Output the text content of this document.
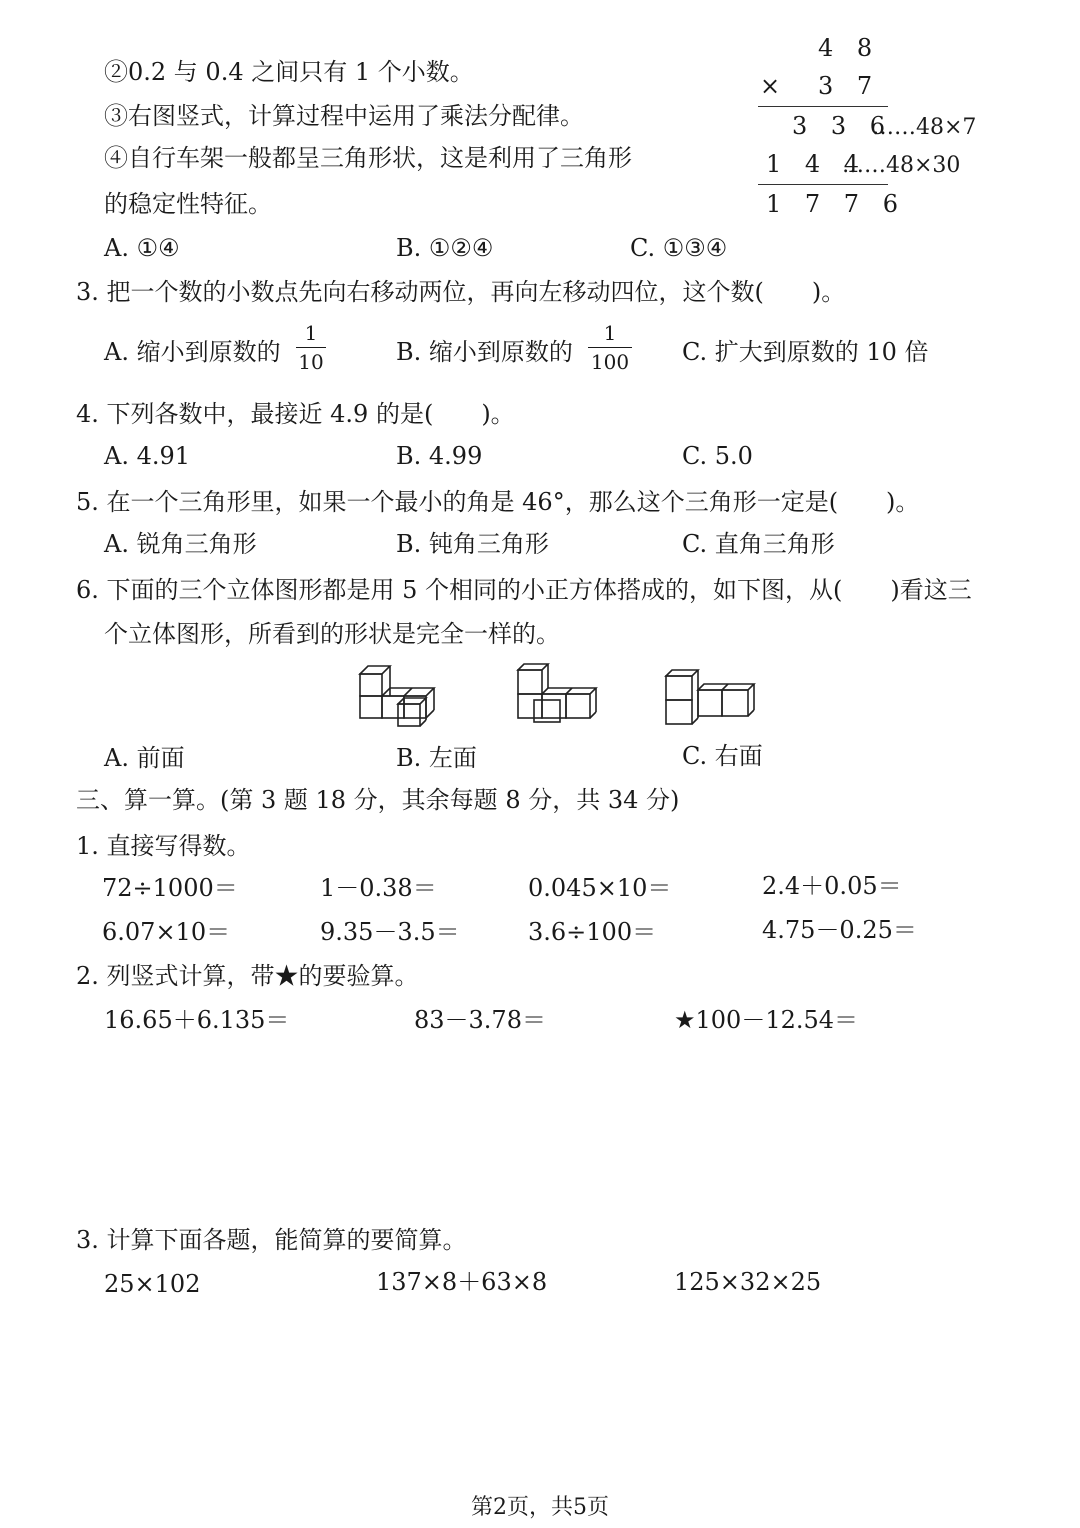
②0.2 与 0.4 之间只有 1 个小数。
③右图竖式，计算过程中运用了乘法分配律。
④自行车架一般都呈三角形状，这是利用了三角形
的稳定性特征。
A. ①④	B. ①②④	C. ①③④
4 8
× 3 7
3 3 6
……48×7
1 4 4
……48×30
1 7 7 6
3. 把一个数的小数点先向右移动两位，再向左移动四位，这个数(　　)。
A. 缩小到原数的
1
10	B. 缩小到原数的
1
100 C. 扩大到原数的 10 倍
4. 下列各数中，最接近 4.9 的是(　　)。
A. 4.91	B. 4.99	C. 5.0
5. 在一个三角形里，如果一个最小的角是 46°，那么这个三角形一定是(　　)。
A. 锐角三角形	B. 钝角三角形	C. 直角三角形
6. 下面的三个立体图形都是用 5 个相同的小正方体搭成的，如下图，从(　　)看这三
个立体图形，所看到的形状是完全一样的。
A. 前面	B. 左面	C. 右面
三、算一算。(第 3 题 18 分，其余每题 8 分，共 34 分)
1. 直接写得数。
72÷1000＝	1－0.38＝	0.045×10＝	2.4＋0.05＝
6.07×10＝	9.35－3.5＝	3.6÷100＝	4.75－0.25＝
2. 列竖式计算，带★的要验算。
16.65＋6.135＝	83－3.78＝	★100－12.54＝
3. 计算下面各题，能简算的要简算。
25×102	137×8＋63×8	125×32×25
第2页，共5页
